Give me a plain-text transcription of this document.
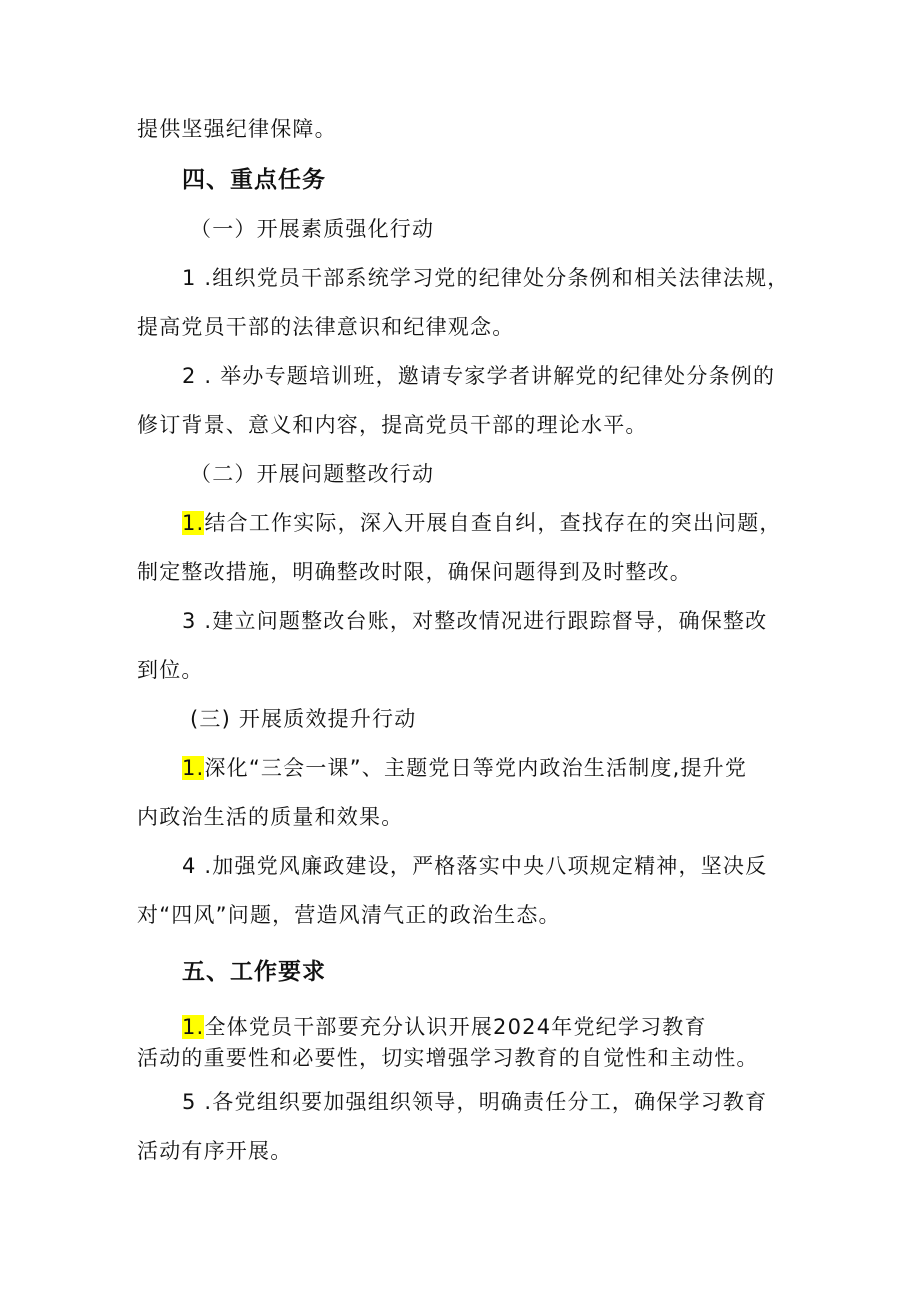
提供坚强纪律保障。
四、重点任务
（一）开展素质强化行动
1 .组织党员干部系统学习党的纪律处分条例和相关法律法规，
提高党员干部的法律意识和纪律观念。
2 . 举办专题培训班，邀请专家学者讲解党的纪律处分条例的
修订背景、意义和内容，提高党员干部的理论水平。
（二）开展问题整改行动
1.结合工作实际，深入开展自查自纠，查找存在的突出问题，
制定整改措施，明确整改时限，确保问题得到及时整改。
3 .建立问题整改台账，对整改情况进行跟踪督导，确保整改
到位。
(三) 开展质效提升行动
1.深化“三会一课”、主题党日等党内政治生活制度,提升党
内政治生活的质量和效果。
4 .加强党风廉政建设，严格落实中央八项规定精神，坚决反
对“四风”问题，营造风清气正的政治生态。
五、工作要求
1.全体党员干部要充分认识开展2024年党纪学习教育
活动的重要性和必要性，切实增强学习教育的自觉性和主动性。
5 .各党组织要加强组织领导，明确责任分工，确保学习教育
活动有序开展。
